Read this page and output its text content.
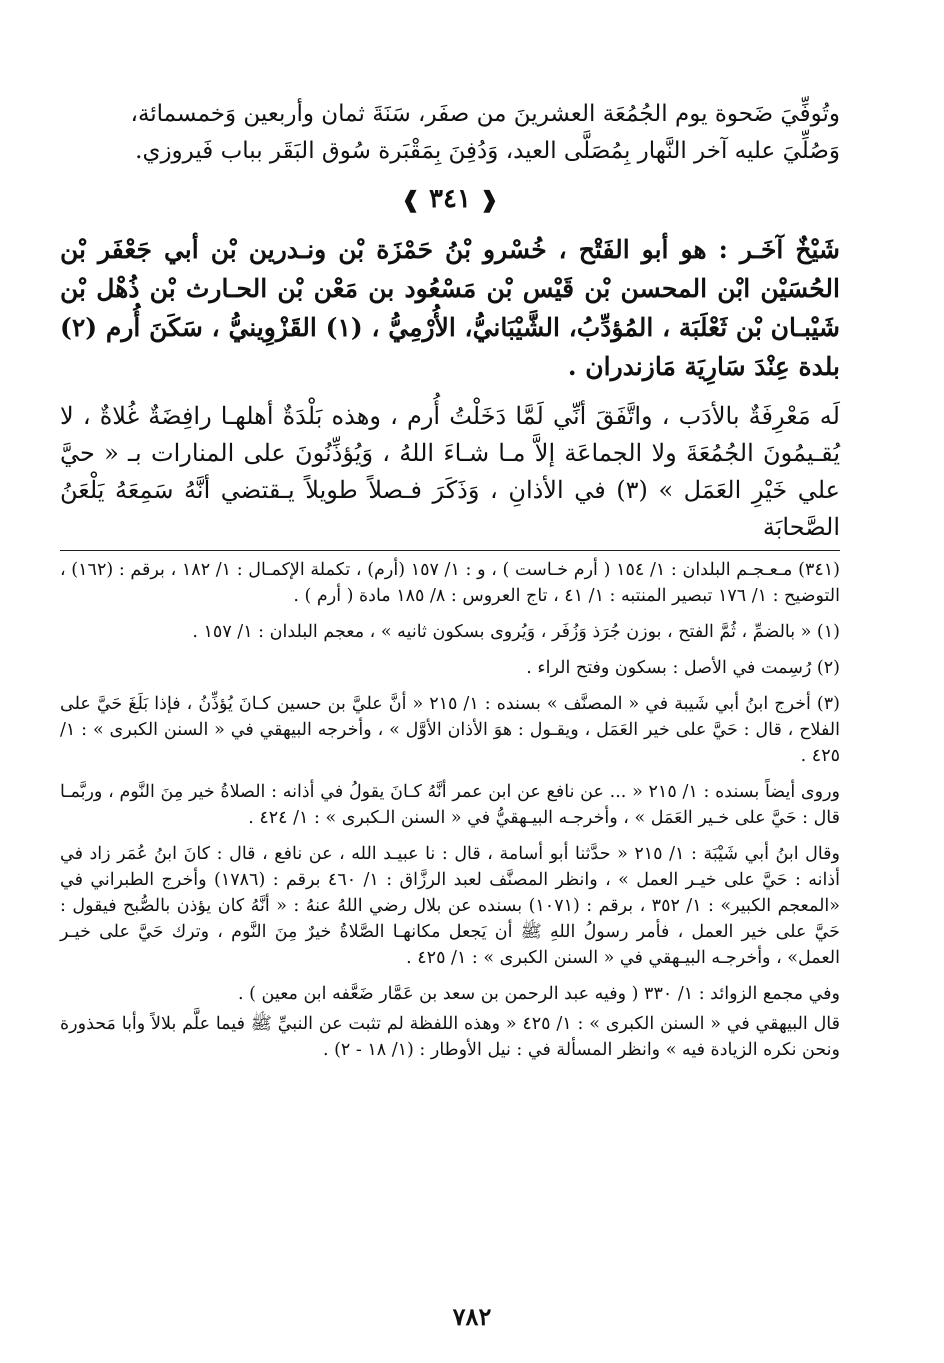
وتُوفِّيَ ضَحوة يوم الجُمُعَة العشرينَ من صفَر، سَنَةَ ثمان وأربعين وَخمسمائة،

وَصُلِّيَ عليه آخر النَّهار بِمُصَلَّى العيد، وَدُفِنَ بِمَقْبَرة سُوق البَقَر بباب فَيروزي.

❰ ٣٤١ ❱

شَيْخٌ آخَـر : هو أبو الفَتْح ، خُسْرو بْنُ حَمْزَة بْن ونـدرين بْن أبي جَعْفَر بْن الحُسَيْن ابْن المحسن بْن قَيْس بْن مَسْعُود بن مَعْن بْن الحـارث بْن ذُهْل بْن شَيْبـان بْن ثَعْلَبَة ، المُؤدِّبُ، الشَّيْبَانيُّ، الأُرْمِيُّ ، (١) القَزْوِينيُّ ، سَكَنَ أُرم (٢) بلدة عِنْدَ سَارِيَة مَازندران .

لَه مَعْرِفَةٌ بالأدَب ، واتَّفَقَ أنِّي لَمَّا دَخَلْتُ أُرم ، وهذه بَلْدَةٌ أهلهـا رافِضَةٌ غُلاةٌ ، لا يُقـيمُونَ الجُمُعَةَ ولا الجماعَة إلاَّ مـا شـاءَ اللهُ ، وَيُؤذِّنُونَ على المنارات بـ « حيَّ علي خَيْرِ العَمَل » (٣) في الأذانِ ، وَذَكَرَ فـصلاً طويلاً يـقتضي أنَّهُ سَمِعَهُ يَلْعَنُ الصَّحابَة

(٣٤١) مـعـجـم البلدان : ١/ ١٥٤ ( أرم خـاست ) ، و : ١/ ١٥٧ (أرم) ، تكملة الإكمـال : ١/ ١٨٢ ، برقم : (١٦٢) ، التوضيح : ١/ ١٧٦ تبصير المنتبه : ١/ ٤١ ، تاج العروس : ٨/ ١٨٥ مادة ( أرم ) .

(١) « بالضمِّ ، ثُمَّ الفتح ، بوزن جُرَذ وَزُفَر ، وَيُروى بسكون ثانيه » ، معجم البلدان : ١/ ١٥٧ .

(٢) رُسِمت في الأصل : بسكون وفتح الراء .

(٣) أخرج ابنُ أبي شَيبة في « المصنَّف » بسنده : ١/ ٢١٥ « أنَّ عليَّ بن حسين كـانَ يُؤذِّنُ ، فإذا بَلَغَ حَيَّ على الفلاح ، قال : حَيَّ على خير العَمَل ، ويقـول : هوَ الأذان الأوَّل » ، وأخرجه البيهقي في « السنن الكبرى » : ١/ ٤٢٥ .

وروى أيضاً بسنده : ١/ ٢١٥ « ... عن نافع عن ابن عمر أنَّهُ كـانَ يقولُ في أذانه : الصلاةُ خير مِنَ النَّوم ، وربَّمـا قال : حَيَّ على خـير العَمَل » ، وأخرجـه البيـهقيُّ في « السنن الـكبرى » : ١/ ٤٢٤ .

وقال ابنُ أبي شَيْبَة : ١/ ٢١٥ « حدَّثنا أبو أسامة ، قال : نا عبيـد الله ، عن نافع ، قال : كانَ ابنُ عُمَر زاد في أذانه : حَيَّ على خيـر العمل » ، وانظر المصنَّف لعبد الرزَّاق : ١/ ٤٦٠ برقم : (١٧٨٦) وأخرج الطبراني في «المعجم الكبير» : ١/ ٣٥٢ ، برقم : (١٠٧١) بسنده عن بلال رضي اللهُ عنهُ : « أنَّهُ كان يؤذن بالصُّبح فيقول : حَيَّ على خير العمل ، فأمر رسولُ اللهِ ﷺ أن يَجعل مكانهـا الصَّلاةُ خيرٌ مِنَ النَّوم ، وترك حَيَّ على خيـر العمل» ، وأخرجـه البيـهقي في « السنن الكبرى » : ١/ ٤٢٥ .

وفي مجمع الزوائد : ١/ ٣٣٠ ( وفيه عبد الرحمن بن سعد بن عَمَّار ضَعَّفه ابن معين ) .

قال البيهقي في « السنن الكبرى » : ١/ ٤٢٥ « وهذه اللفظة لم تثبت عن النبيِّ ﷺ فيما علَّم بلالاً وأبا مَحذورة ونحن نكره الزيادة فيه » وانظر المسألة في : نيل الأوطار : (١/ ١٨ - ٢) .

٧٨٢
